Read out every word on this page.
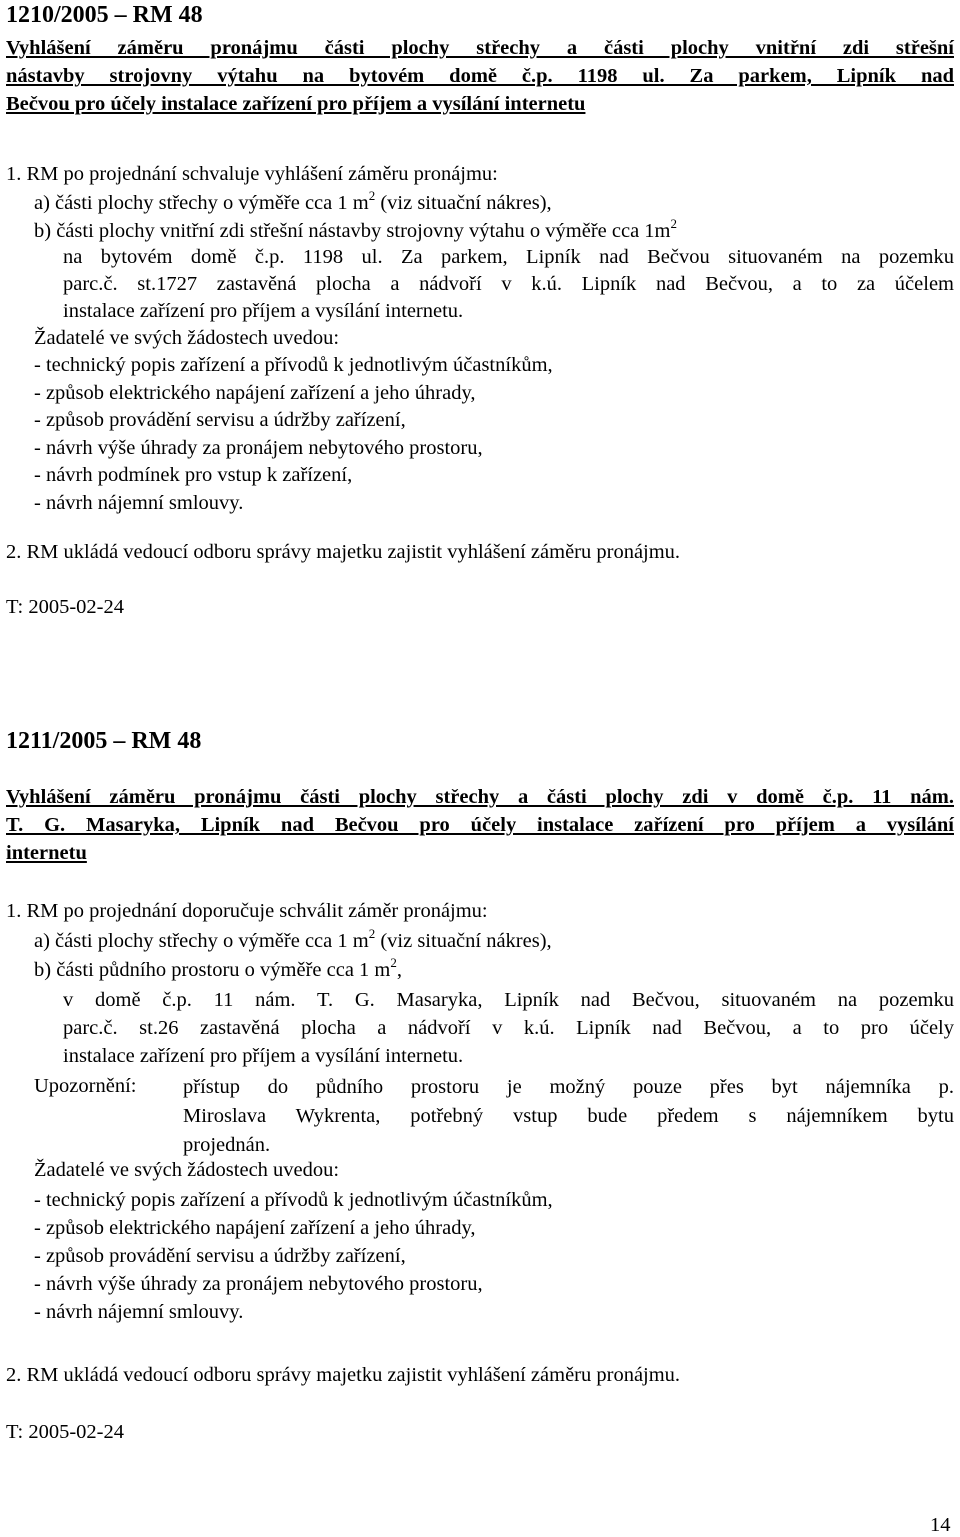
1210/2005 – RM 48
Vyhlášení záměru pronájmu části plochy střechy a části plochy vnitřní zdi střešní
nástavby strojovny výtahu na bytovém domě č.p. 1198 ul. Za parkem, Lipník nad
Bečvou pro účely instalace zařízení pro příjem a vysílání internetu
1. RM po projednání schvaluje vyhlášení záměru pronájmu:
a) části plochy střechy o výměře cca 1 $m^2$ (viz situační nákres),
b) části plochy vnitřní zdi střešní nástavby strojovny výtahu o výměře cca $1m^2$
na bytovém domě č.p. 1198 ul. Za parkem, Lipník nad Bečvou situovaném na pozemku
parc.č. st.1727 zastavěná plocha a nádvoří v k.ú. Lipník nad Bečvou, a to za účelem
instalace zařízení pro příjem a vysílání internetu.
Žadatelé ve svých žádostech uvedou:
- technický popis zařízení a přívodů k jednotlivým účastníkům,
- způsob elektrického napájení zařízení a jeho úhrady,
- způsob provádění servisu a údržby zařízení,
- návrh výše úhrady za pronájem nebytového prostoru,
- návrh podmínek pro vstup k zařízení,
- návrh nájemní smlouvy.
2. RM ukládá vedoucí odboru správy majetku zajistit vyhlášení záměru pronájmu.
T: 2005-02-24
1211/2005 – RM 48
Vyhlášení záměru pronájmu části plochy střechy a části plochy zdi v domě č.p. 11 nám.
T. G. Masaryka, Lipník nad Bečvou pro účely instalace zařízení pro příjem a vysílání
internetu
1. RM po projednání doporučuje schválit záměr pronájmu:
a) části plochy střechy o výměře cca 1 $m^2$ (viz situační nákres),
b) části půdního prostoru o výměře cca 1 $m^2$,
v domě č.p. 11 nám. T. G. Masaryka, Lipník nad Bečvou, situovaném na pozemku
parc.č. st.26 zastavěná plocha a nádvoří v k.ú. Lipník nad Bečvou, a to pro účely
instalace zařízení pro příjem a vysílání internetu.
Upozornění: přístup do půdního prostoru je možný pouze přes byt nájemníka p.
Miroslava Wykrenta, potřebný vstup bude předem s nájemníkem bytu
projednán.
Žadatelé ve svých žádostech uvedou:
- technický popis zařízení a přívodů k jednotlivým účastníkům,
- způsob elektrického napájení zařízení a jeho úhrady,
- způsob provádění servisu a údržby zařízení,
- návrh výše úhrady za pronájem nebytového prostoru,
- návrh nájemní smlouvy.
2. RM ukládá vedoucí odboru správy majetku zajistit vyhlášení záměru pronájmu.
T: 2005-02-24
14
